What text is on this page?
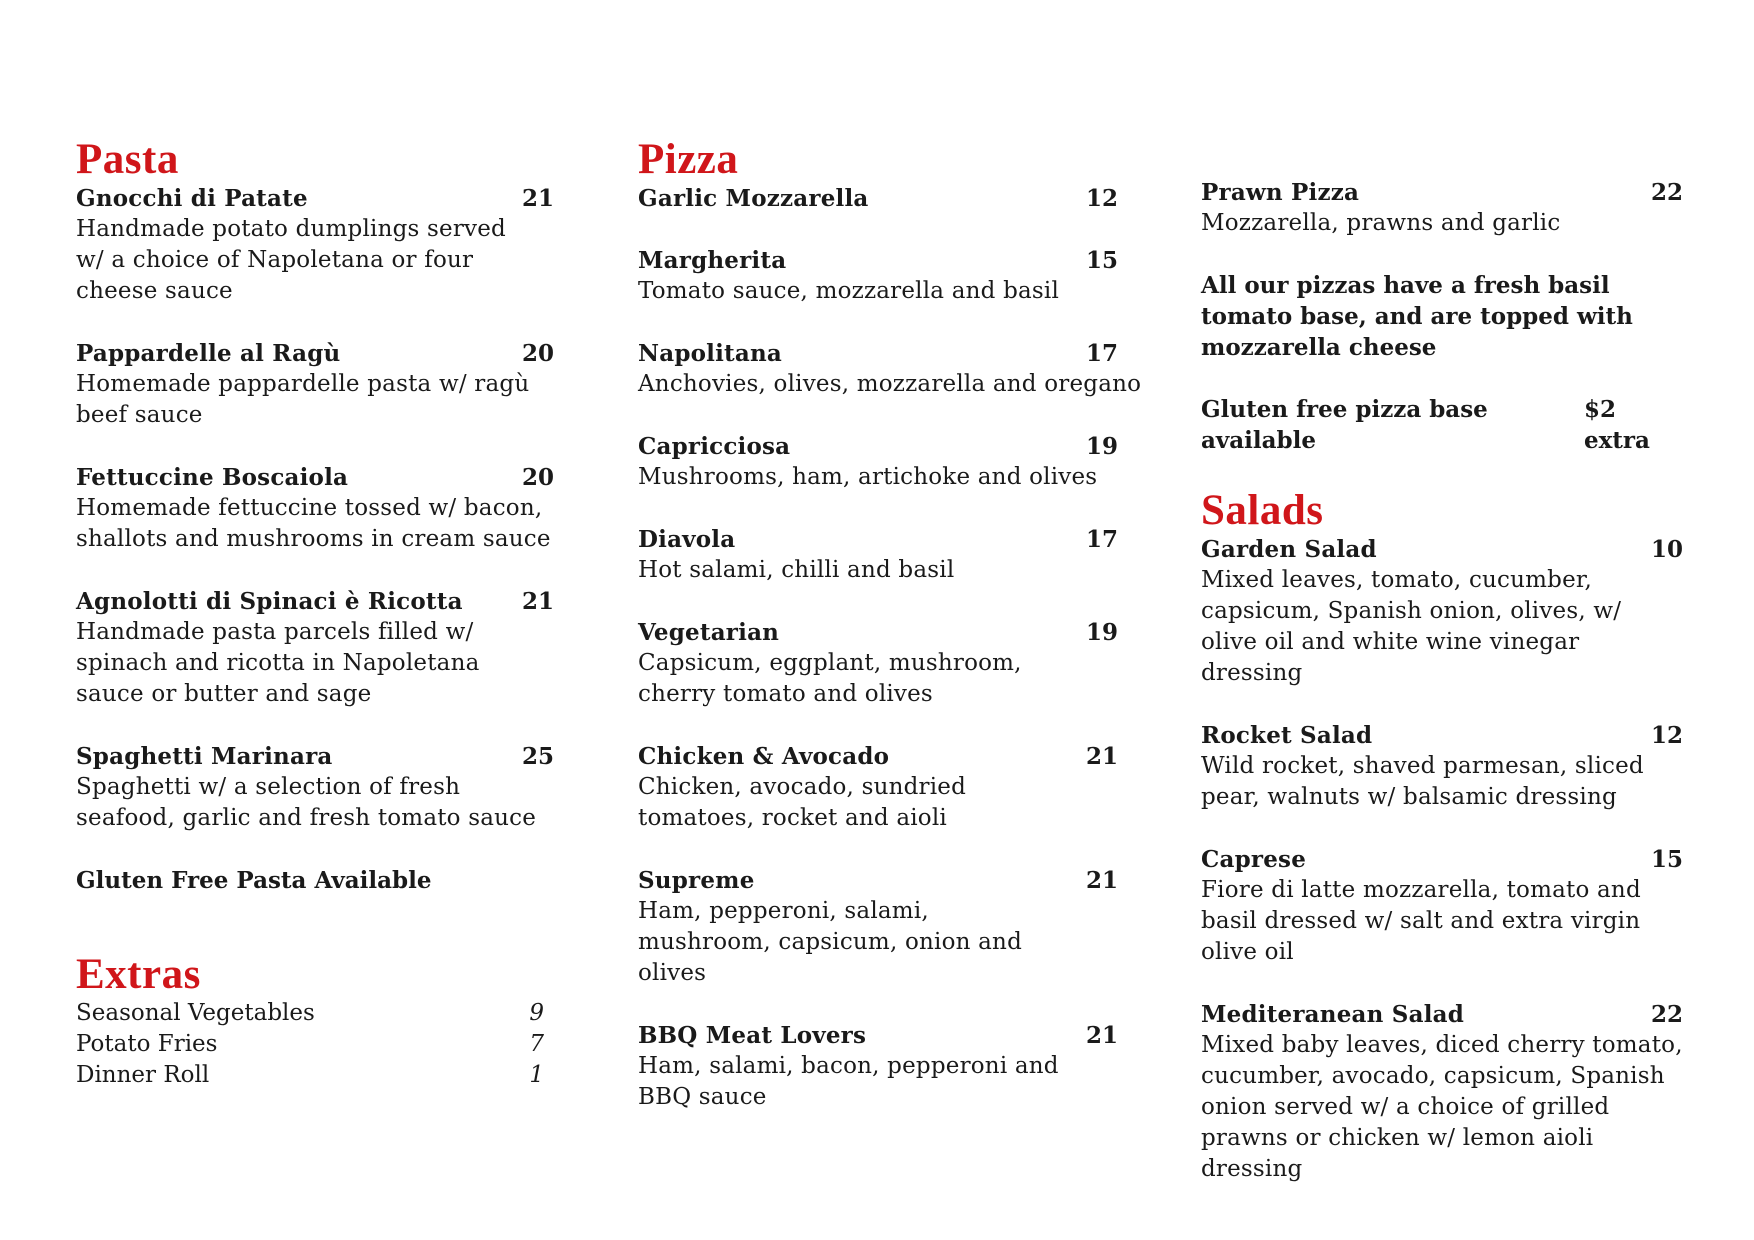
Pasta
Gnocchi di Patate	21
Handmade potato dumplings served w/ a choice of Napoletana or four cheese sauce
Pappardelle al Ragù	20
Homemade pappardelle pasta w/ ragù beef sauce
Fettuccine Boscaiola	20
Homemade fettuccine tossed w/ bacon, shallots and mushrooms in cream sauce
Agnolotti di Spinaci è Ricotta	21
Handmade pasta parcels filled w/ spinach and ricotta in Napoletana sauce or butter and sage
Spaghetti Marinara	25
Spaghetti w/ a selection of fresh seafood, garlic and fresh tomato sauce
Gluten Free Pasta Available
Extras
Seasonal Vegetables	9
Potato Fries	7
Dinner Roll	1
Pizza
Garlic Mozzarella	12
Margherita	15
Tomato sauce, mozzarella and basil
Napolitana	17
Anchovies, olives, mozzarella and oregano
Capricciosa	19
Mushrooms, ham, artichoke and olives
Diavola	17
Hot salami, chilli and basil
Vegetarian	19
Capsicum, eggplant, mushroom, cherry tomato and olives
Chicken & Avocado	21
Chicken, avocado, sundried tomatoes, rocket and aioli
Supreme	21
Ham, pepperoni, salami, mushroom, capsicum, onion and olives
BBQ Meat Lovers	21
Ham, salami, bacon, pepperoni and BBQ sauce
Prawn Pizza	22
Mozzarella, prawns and garlic
All our pizzas have a fresh basil tomato base, and are topped with mozzarella cheese
Gluten free pizza base available
$2 extra
Salads
Garden Salad	10
Mixed leaves, tomato, cucumber, capsicum, Spanish onion, olives, w/ olive oil and white wine vinegar dressing
Rocket Salad	12
Wild rocket, shaved parmesan, sliced pear, walnuts w/ balsamic dressing
Caprese	15
Fiore di latte mozzarella, tomato and basil dressed w/ salt and extra virgin olive oil
Mediteranean Salad	22
Mixed baby leaves, diced cherry tomato, cucumber, avocado, capsicum, Spanish onion served w/ a choice of grilled prawns or chicken w/ lemon aioli dressing
